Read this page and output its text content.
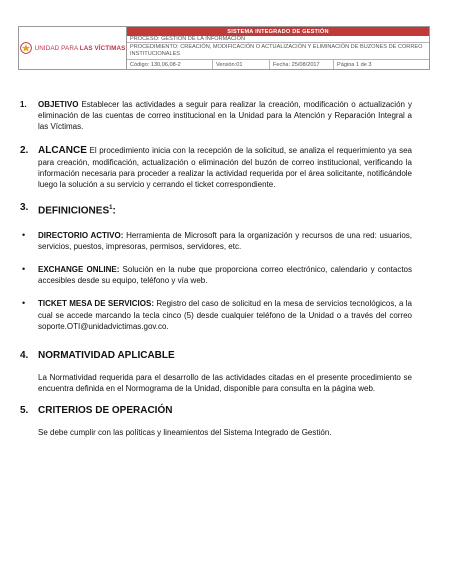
UNIDAD PARA LAS VÍCTIMAS
SISTEMA INTEGRADO DE GESTIÓN
PROCESO: GESTIÓN DE LA INFORMACIÓN
PROCEDIMIENTO: CREACIÓN, MODIFICACIÓN O ACTUALIZACIÓN Y ELIMINACIÓN DE BUZONES DE CORREO INSTITUCIONALES
Código: 130,06,08-2	Versión:01	Fecha: 25/08/2017	Página 1 de 3
1.	OBJETIVO Establecer las actividades a seguir para realizar la creación, modificación o actualización y eliminación de las cuentas de correo institucional en la Unidad para la Atención y Reparación Integral a las Víctimas.
2. ALCANCE El procedimiento inicia con la recepción de la solicitud, se analiza el requerimiento ya sea para creación, modificación, actualización o eliminación del buzón de correo institucional, verificando la información necesaria para proceder a realizar la actividad requerida por el área solicitante, notificándole luego la solución a su servicio y cerrando el ticket correspondiente.
3. DEFINICIONES$^1$:
• DIRECTORIO ACTIVO: Herramienta de Microsoft para la organización y recursos de una red: usuarios, servicios, puestos, impresoras, permisos, servidores, etc.
• EXCHANGE ONLINE: Solución en la nube que proporciona correo electrónico, calendario y contactos accesibles desde su equipo, teléfono y vía web.
• TICKET MESA DE SERVICIOS: Registro del caso de solicitud en la mesa de servicios tecnológicos, a la cual se accede marcando la tecla cinco (5) desde cualquier teléfono de la Unidad o a través del correo soporte.OTI@unidadvictimas.gov.co.
4. NORMATIVIDAD APLICABLE
La Normatividad requerida para el desarrollo de las actividades citadas en el presente procedimiento se encuentra definida en el Normograma de la Unidad, disponible para consulta en la página web.
5. CRITERIOS DE OPERACIÓN
Se debe cumplir con las políticas y lineamientos del Sistema Integrado de Gestión.
